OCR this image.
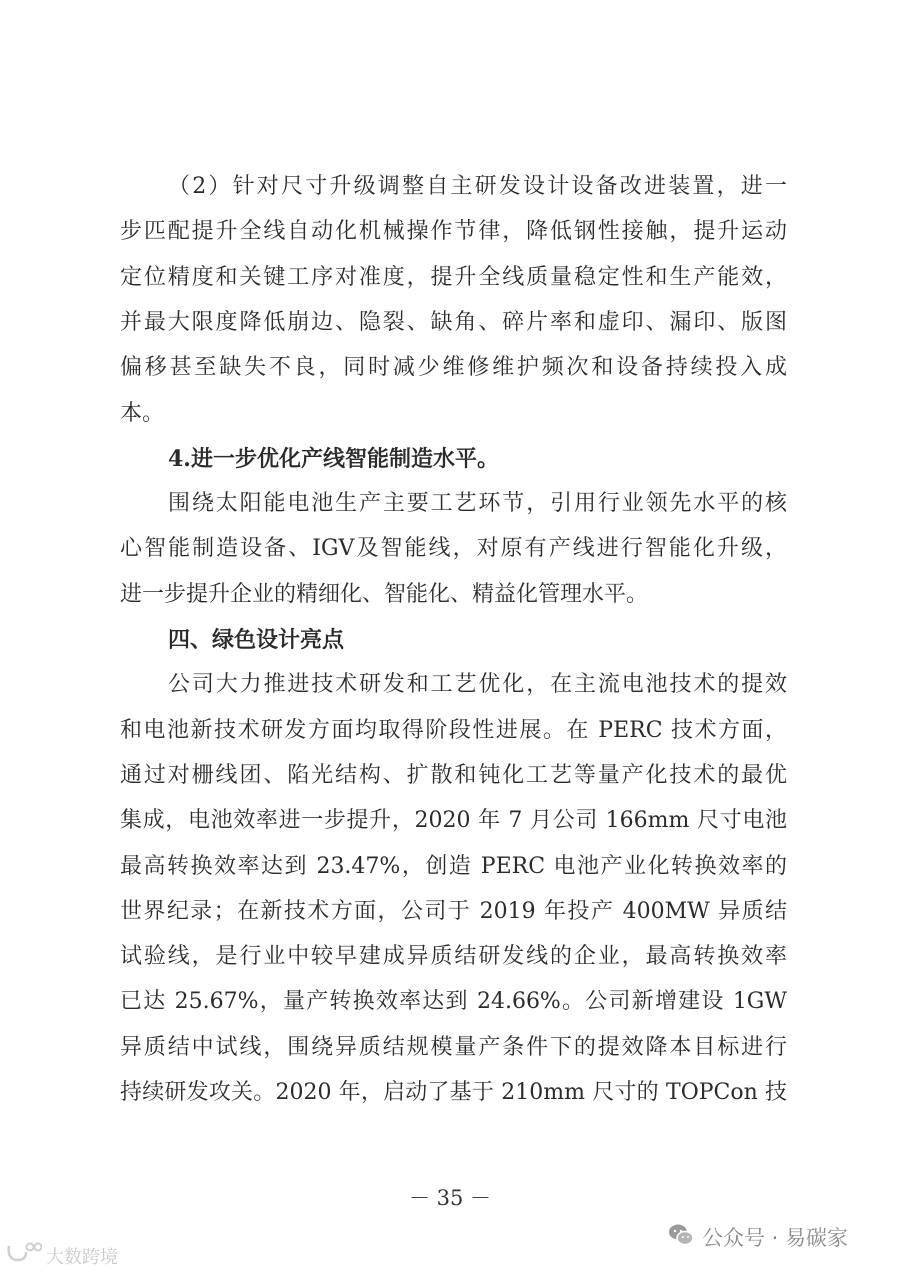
（2）针对尺寸升级调整自主研发设计设备改进装置，进一
步匹配提升全线自动化机械操作节律，降低钢性接触，提升运动
定位精度和关键工序对准度，提升全线质量稳定性和生产能效，
并最大限度降低崩边、隐裂、缺角、碎片率和虚印、漏印、版图
偏移甚至缺失不良，同时减少维修维护频次和设备持续投入成
本。
4.进一步优化产线智能制造水平。
围绕太阳能电池生产主要工艺环节，引用行业领先水平的核
心智能制造设备、IGV及智能线，对原有产线进行智能化升级，
进一步提升企业的精细化、智能化、精益化管理水平。
四、绿色设计亮点
公司大力推进技术研发和工艺优化，在主流电池技术的提效
和电池新技术研发方面均取得阶段性进展。在 PERC 技术方面，
通过对栅线团、陷光结构、扩散和钝化工艺等量产化技术的最优
集成，电池效率进一步提升，2020 年 7 月公司 166mm 尺寸电池
最高转换效率达到 23.47%，创造 PERC 电池产业化转换效率的
世界纪录；在新技术方面，公司于 2019 年投产 400MW 异质结
试验线，是行业中较早建成异质结研发线的企业，最高转换效率
已达 25.67%，量产转换效率达到 24.66%。公司新增建设 1GW
异质结中试线，围绕异质结规模量产条件下的提效降本目标进行
持续研发攻关。2020 年，启动了基于 210mm 尺寸的 TOPCon 技
－ 35 －
公众号 · 易碳家
大数跨境
